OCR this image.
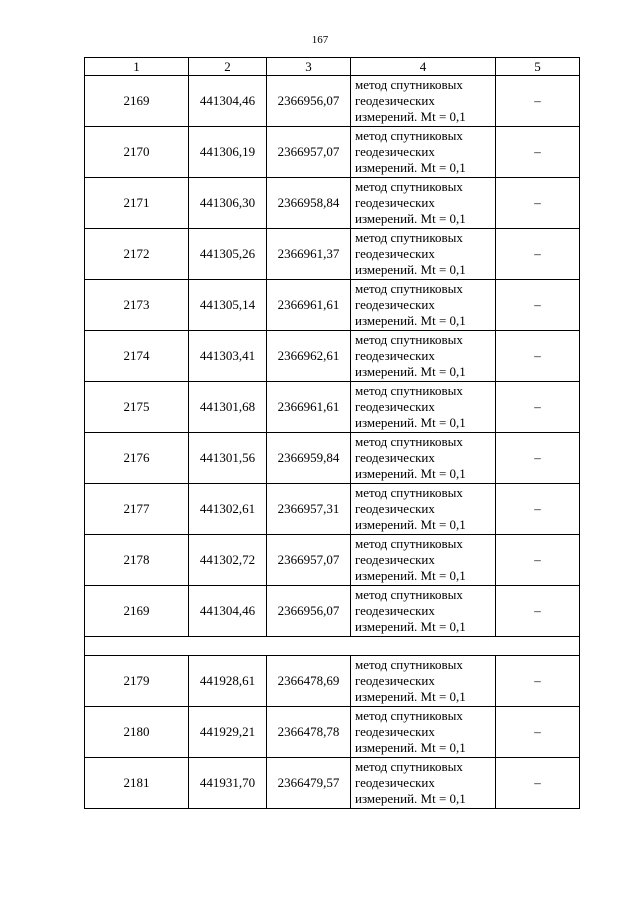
167
1	2	3	4	5
2169	441304,46	2366956,07	метод спутниковых
геодезических
измерений. Mt = 0,1	–
2170	441306,19	2366957,07	метод спутниковых
геодезических
измерений. Mt = 0,1	–
2171	441306,30	2366958,84	метод спутниковых
геодезических
измерений. Mt = 0,1	–
2172	441305,26	2366961,37	метод спутниковых
геодезических
измерений. Mt = 0,1	–
2173	441305,14	2366961,61	метод спутниковых
геодезических
измерений. Mt = 0,1	–
2174	441303,41	2366962,61	метод спутниковых
геодезических
измерений. Mt = 0,1	–
2175	441301,68	2366961,61	метод спутниковых
геодезических
измерений. Mt = 0,1	–
2176	441301,56	2366959,84	метод спутниковых
геодезических
измерений. Mt = 0,1	–
2177	441302,61	2366957,31	метод спутниковых
геодезических
измерений. Mt = 0,1	–
2178	441302,72	2366957,07	метод спутниковых
геодезических
измерений. Mt = 0,1	–
2169	441304,46	2366956,07	метод спутниковых
геодезических
измерений. Mt = 0,1	–

2179	441928,61	2366478,69	метод спутниковых
геодезических
измерений. Mt = 0,1	–
2180	441929,21	2366478,78	метод спутниковых
геодезических
измерений. Mt = 0,1	–
2181	441931,70	2366479,57	метод спутниковых
геодезических
измерений. Mt = 0,1	–
